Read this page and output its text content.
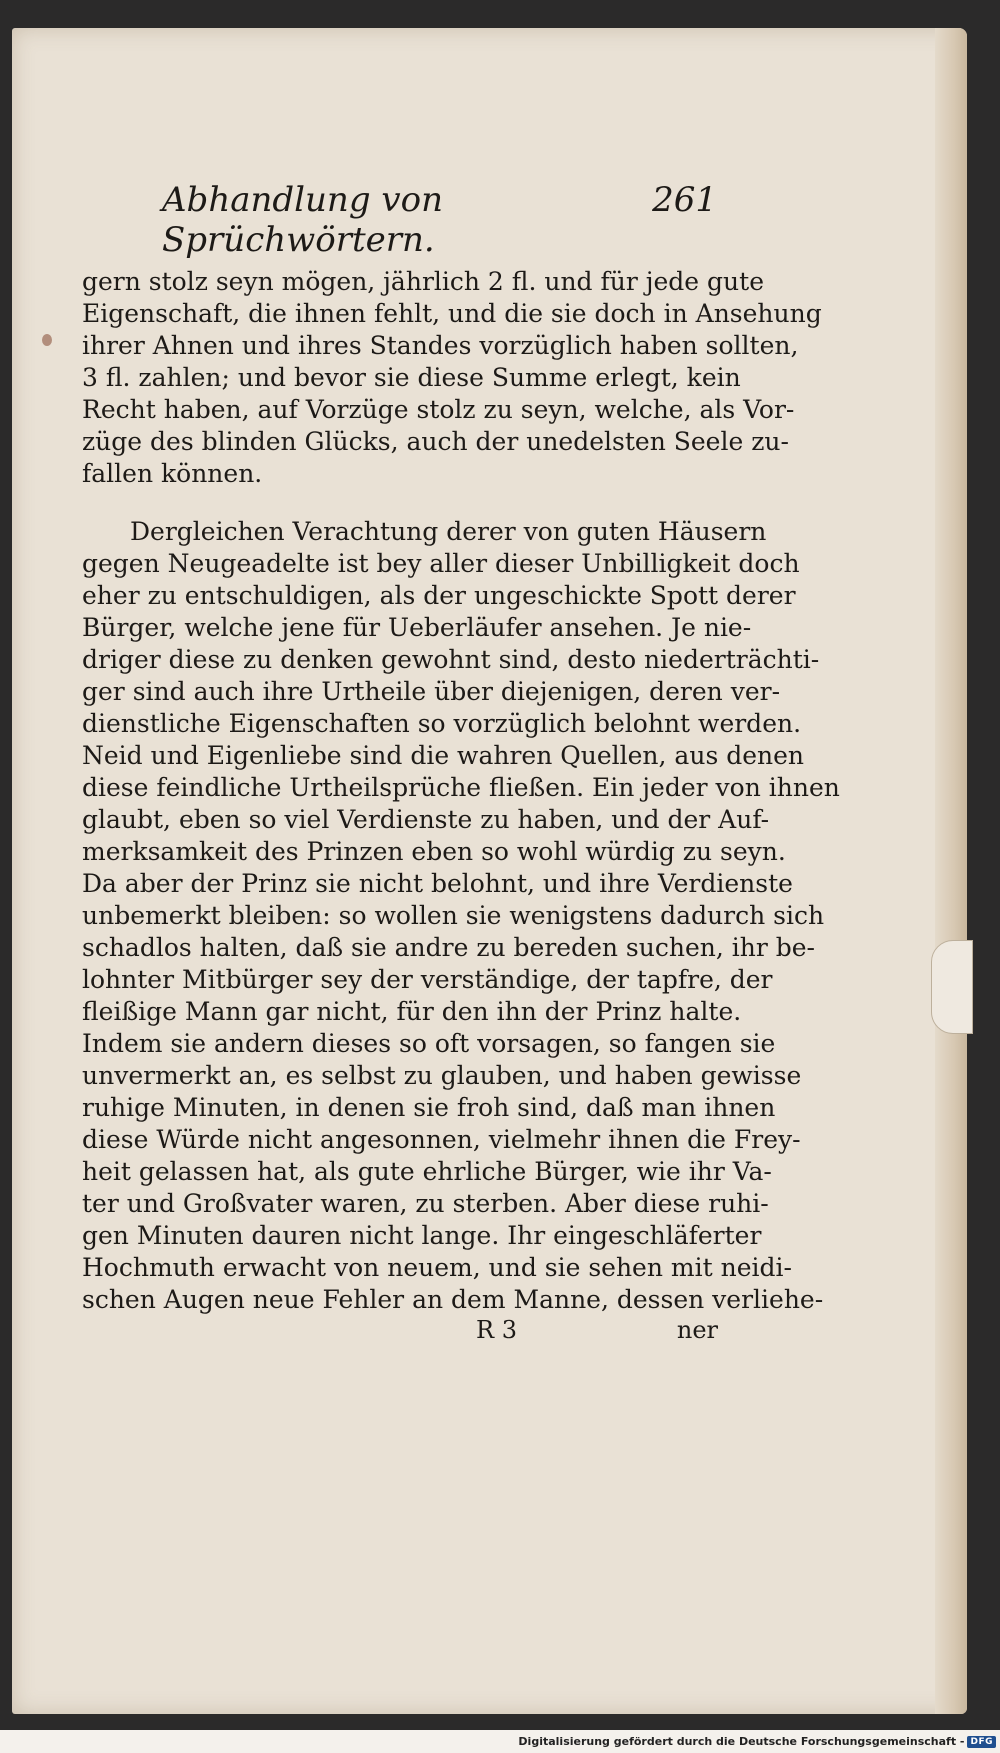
Abhandlung von Sprüchwörtern.
261
gern stolz seyn mögen, jährlich 2 fl. und für jede gute
Eigenschaft, die ihnen fehlt, und die sie doch in Ansehung
ihrer Ahnen und ihres Standes vorzüglich haben sollten,
3 fl. zahlen; und bevor sie diese Summe erlegt, kein
Recht haben, auf Vorzüge stolz zu seyn, welche, als Vor-
züge des blinden Glücks, auch der unedelsten Seele zu-
fallen können.
Dergleichen Verachtung derer von guten Häusern
gegen Neugeadelte ist bey aller dieser Unbilligkeit doch
eher zu entschuldigen, als der ungeschickte Spott derer
Bürger, welche jene für Ueberläufer ansehen. Je nie-
driger diese zu denken gewohnt sind, desto niederträchti-
ger sind auch ihre Urtheile über diejenigen, deren ver-
dienstliche Eigenschaften so vorzüglich belohnt werden.
Neid und Eigenliebe sind die wahren Quellen, aus denen
diese feindliche Urtheilsprüche fließen. Ein jeder von ihnen
glaubt, eben so viel Verdienste zu haben, und der Auf-
merksamkeit des Prinzen eben so wohl würdig zu seyn.
Da aber der Prinz sie nicht belohnt, und ihre Verdienste
unbemerkt bleiben: so wollen sie wenigstens dadurch sich
schadlos halten, daß sie andre zu bereden suchen, ihr be-
lohnter Mitbürger sey der verständige, der tapfre, der
fleißige Mann gar nicht, für den ihn der Prinz halte.
Indem sie andern dieses so oft vorsagen, so fangen sie
unvermerkt an, es selbst zu glauben, und haben gewisse
ruhige Minuten, in denen sie froh sind, daß man ihnen
diese Würde nicht angesonnen, vielmehr ihnen die Frey-
heit gelassen hat, als gute ehrliche Bürger, wie ihr Va-
ter und Großvater waren, zu sterben. Aber diese ruhi-
gen Minuten dauren nicht lange. Ihr eingeschläferter
Hochmuth erwacht von neuem, und sie sehen mit neidi-
schen Augen neue Fehler an dem Manne, dessen verliehe-
R 3	ner
Digitalisierung gefördert durch die Deutsche Forschungsgemeinschaft - DFG
